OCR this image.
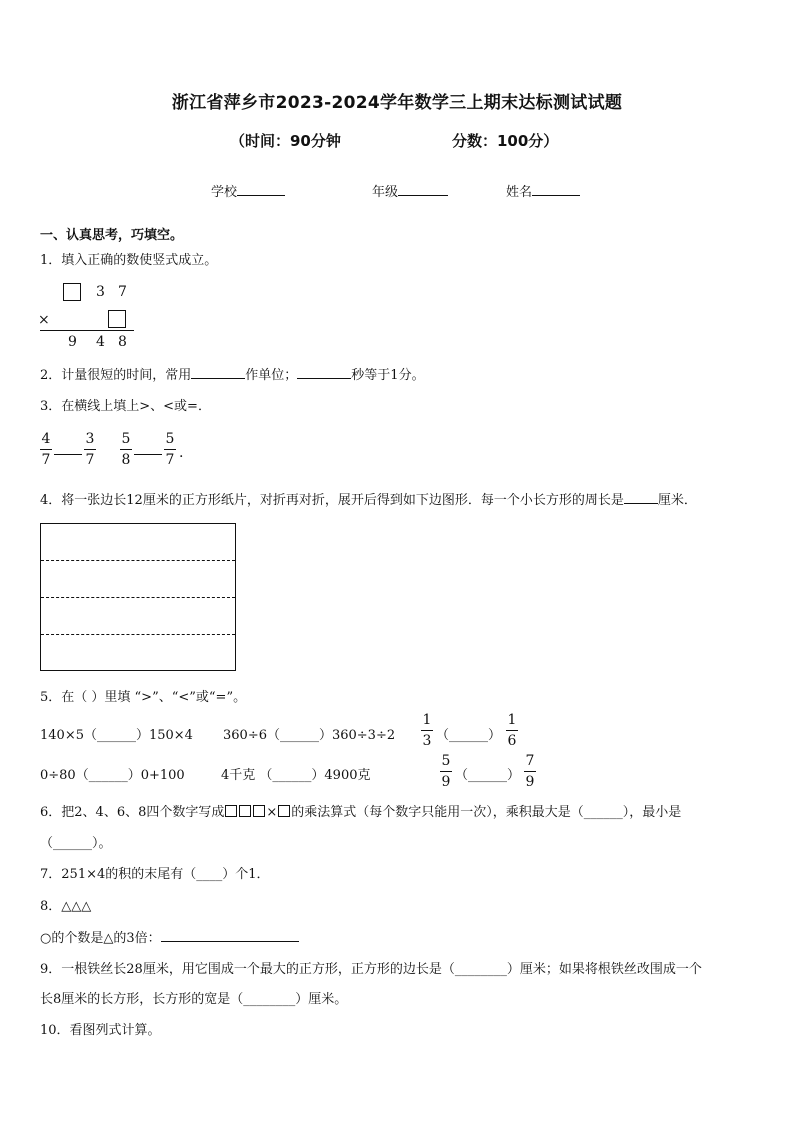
浙江省萍乡市2023-2024学年数学三上期末达标测试试题
（时间：90分钟	分数：100分）
学校	年级	姓名
一、认真思考，巧填空。
1．填入正确的数使竖式成立。
3 7
×
9 4 8
2．计量很短的时间，常用	作单位；	秒等于1分。
3．在横线上填上>、<或=．
4
7
3
7
5
8
5
7 .
4．将一张边长12厘米的正方形纸片，对折再对折，展开后得到如下边图形．每一个小长方形的周长是	厘米．
5．在（ ）里填 “>”、“<”或“=”。
140×5（______）150×4 360÷6（______）360÷3÷2
1
3 （______）
1
6
0÷80（______）0+100	4千克 （______）4900克
5
9 （______）
7
9
6．把2、4、6、8四个数字写成	× 的乘法算式（每个数字只能用一次），乘积最大是（______），最小是
（______）。
7．251×4的积的末尾有（____）个1．
8．△△△
○的个数是△的3倍：
9．一根铁丝长28厘米，用它围成一个最大的正方形，正方形的边长是（________）厘米；如果将根铁丝改围成一个
长8厘米的长方形，长方形的宽是（________）厘米。
10．看图列式计算。
